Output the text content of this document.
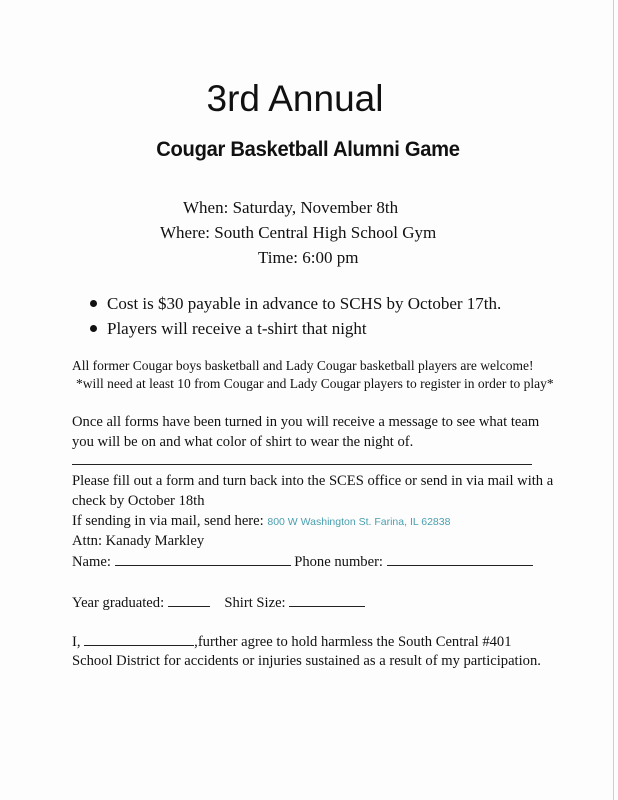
3rd Annual
Cougar Basketball Alumni Game
When: Saturday, November 8th
Where: South Central High School Gym
Time: 6:00 pm
Cost is $30 payable in advance to SCHS by October 17th.
Players will receive a t-shirt that night
All former Cougar boys basketball and Lady Cougar basketball players are welcome!
*will need at least 10 from Cougar and Lady Cougar players to register in order to play*
Once all forms have been turned in you will receive a message to see what team
you will be on and what color of shirt to wear the night of.
Please fill out a form and turn back into the SCES office or send in via mail with a
check by October 18th
If sending in via mail, send here: 800 W Washington St. Farina, IL 62838
Attn: Kanady Markley
Name:	Phone number:
Year graduated:	Shirt Size:
I,	,further agree to hold harmless the South Central #401
School District for accidents or injuries sustained as a result of my participation.
